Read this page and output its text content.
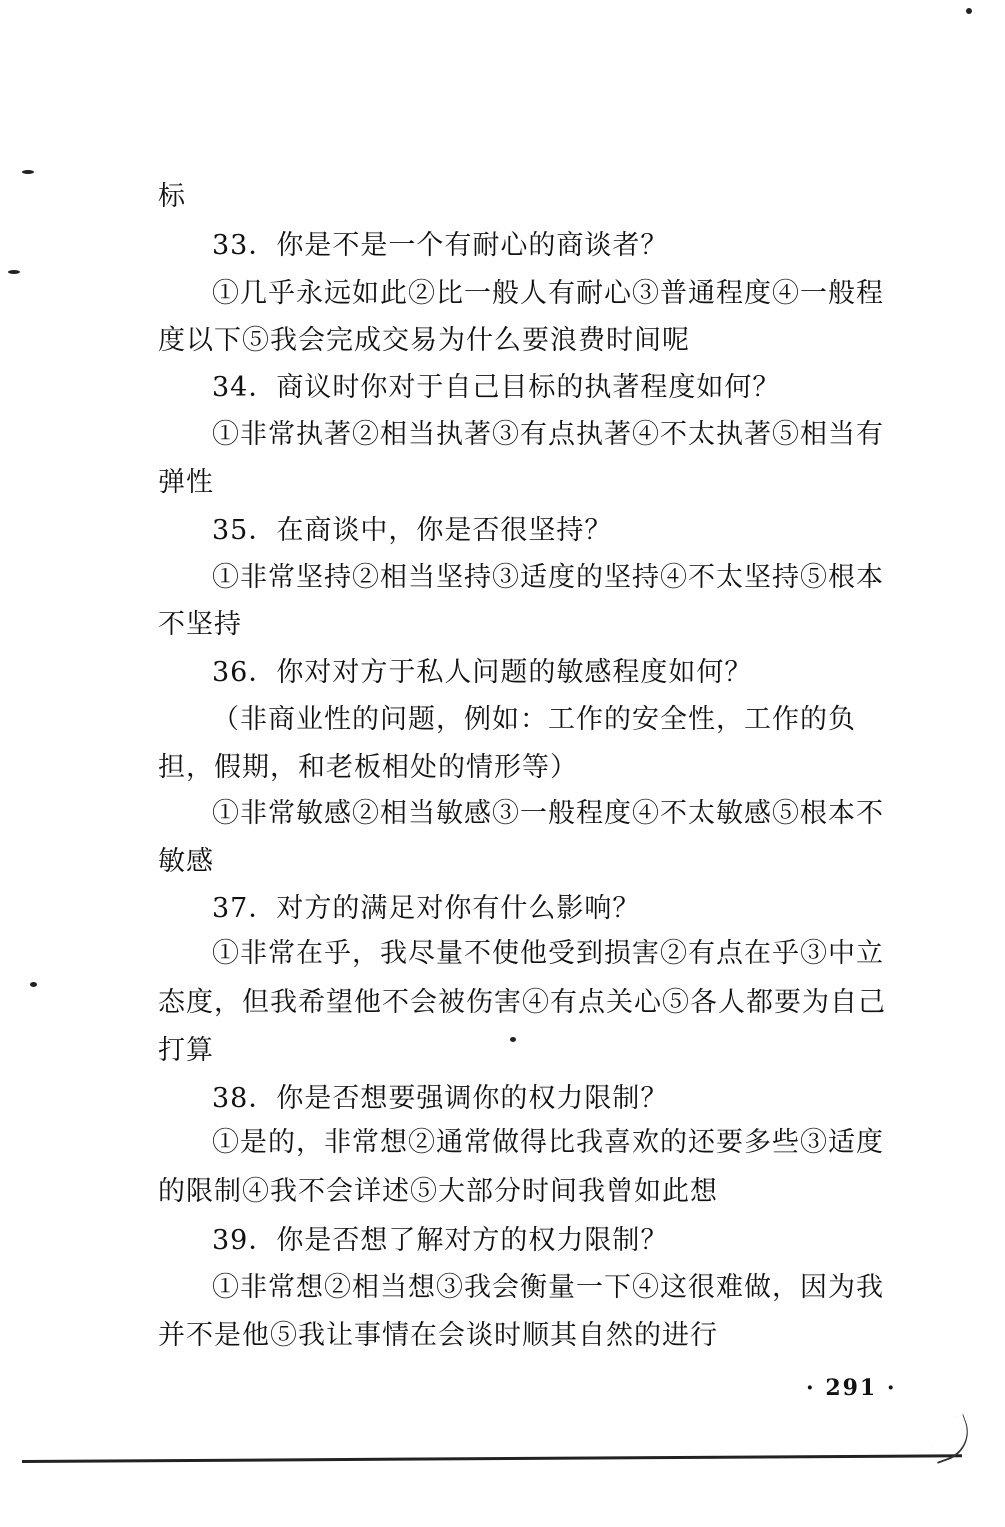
标
33．你是不是一个有耐心的商谈者？
①几乎永远如此②比一般人有耐心③普通程度④一般程
度以下⑤我会完成交易为什么要浪费时间呢
34．商议时你对于自己目标的执著程度如何？
①非常执著②相当执著③有点执著④不太执著⑤相当有
弹性
35．在商谈中，你是否很坚持？
①非常坚持②相当坚持③适度的坚持④不太坚持⑤根本
不坚持
36．你对对方于私人问题的敏感程度如何？
（非商业性的问题，例如：工作的安全性，工作的负
担，假期，和老板相处的情形等）
①非常敏感②相当敏感③一般程度④不太敏感⑤根本不
敏感
37．对方的满足对你有什么影响？
①非常在乎，我尽量不使他受到损害②有点在乎③中立
态度，但我希望他不会被伤害④有点关心⑤各人都要为自己
打算
38．你是否想要强调你的权力限制？
①是的，非常想②通常做得比我喜欢的还要多些③适度
的限制④我不会详述⑤大部分时间我曾如此想
39．你是否想了解对方的权力限制？
①非常想②相当想③我会衡量一下④这很难做，因为我
并不是他⑤我让事情在会谈时顺其自然的进行
· 291 ·
